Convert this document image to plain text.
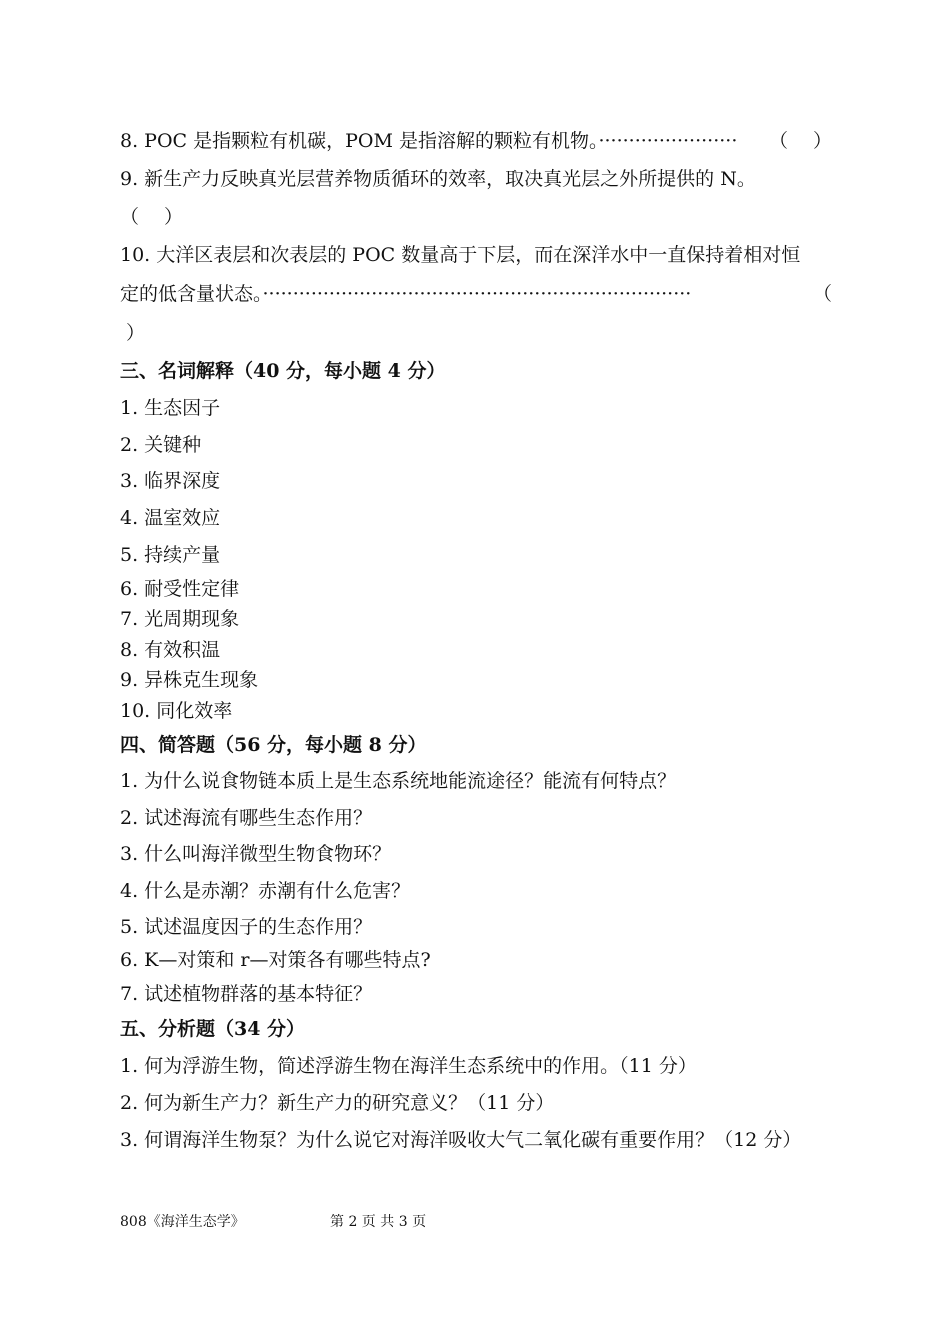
8. POC 是指颗粒有机碳，POM 是指溶解的颗粒有机物。······················· （　 ）
9. 新生产力反映真光层营养物质循环的效率，取决真光层之外所提供的 N。
（　 ）
10. 大洋区表层和次表层的 POC 数量高于下层，而在深洋水中一直保持着相对恒
定的低含量状态。·······································································	（
）
三、名词解释（40 分，每小题 4 分）
1. 生态因子
2. 关键种
3. 临界深度
4. 温室效应
5. 持续产量
6. 耐受性定律
7. 光周期现象
8. 有效积温
9. 异株克生现象
10. 同化效率
四、简答题（56 分，每小题 8 分）
1. 为什么说食物链本质上是生态系统地能流途径？能流有何特点？
2. 试述海流有哪些生态作用？
3. 什么叫海洋微型生物食物环？
4. 什么是赤潮？赤潮有什么危害？
5. 试述温度因子的生态作用？
6. K—对策和 r—对策各有哪些特点?
7. 试述植物群落的基本特征？
五、分析题（34 分）
1. 何为浮游生物，简述浮游生物在海洋生态系统中的作用。（11 分）
2. 何为新生产力？新生产力的研究意义？（11 分）
3. 何谓海洋生物泵？为什么说它对海洋吸收大气二氧化碳有重要作用？（12 分）
808《海洋生态学》	第 2 页 共 3 页
